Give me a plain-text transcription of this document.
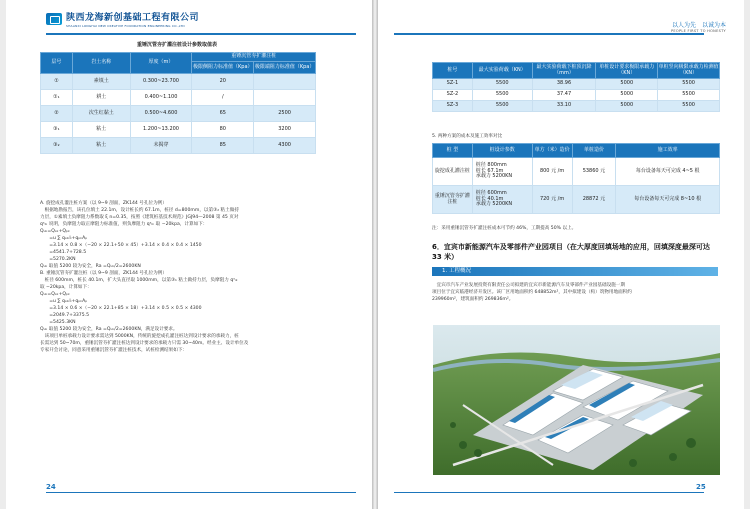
陕西龙海新创基础工程有限公司
SHAANXI LONGHAI NEW CREATIVE FOUNDATION ENGINEERING CO.,LTD
重锤沉管夯扩灌注桩设计参数取值表
层号	岩土名称	厚度（m）	重锤沉管夯扩灌注桩	
			极限侧阻力标准值（Kpa）	极限端阻力标准值（Kpa）
①	素填土	0.300~23.700	20	
①₁	耕土	0.400~1.100	/	
②	次生红黏土	0.500~4.600	65	2500
③₁	粘土	1.200~13.200	80	3200
③₂	粘土	未揭穿	85	4300

A. 旋挖成孔灌注桩方案（以 9~9 剖面，ZK144 号孔位为例）

　根据地勘报告，该孔位填土 22.1m，设计桩长约 67.1m，桩径 d=800mm，以第③₂ 粘土做持

力层，①素填土负摩阻力系数取 ξ n=0.35，按照《建筑桩基技术规范》JGJ94—2008 第 45 页对

qˢᵢₖ 说明，负摩阻力取正摩阻力标准值，则负摩阻力 qˢᵢₖ 取 −20kpa，计算如下：

Qᵤₖ=Qₛₖ+Qₚₖ

　　=u ∑ qₛᵢₖlᵢ+qₚₖAₚ

　　=3.14 × 0.8 ×（−20 × 22.1+50 × 45）+3.14 × 0.4 × 0.4 × 1450

　　=4541.7+728.5

　　=5270.2KN

Qᵤₖ 取值 5200 较为安全，Ra =Qᵤₖ/2=2600KN

B. 重锤沉管夯扩灌注桩（以 9~9 剖面，ZK144 号孔位为例）

　桩径 600mm，桩长 40.1m，扩大头直径取 1000mm，以第③₁ 粘土做持力层，负摩阻力 qˢᵢₖ

取 −20kpa，计算如下：

Qᵤₖ=Qₛₖ+Qₚₖ

　　=u ∑ qₛᵢₖlᵢ+qₚₖAₚ

　　=3.14 × 0.6 ×（−20 × 22.1+85 × 18）+3.14 × 0.5 × 0.5 × 4300

　　=2049.7+3375.5

　　=5425.3KN

Qᵤₖ 取值 5200 较为安全，Ra =Qᵤₖ/2=2600KN，满足设计要求。

　该项目单桩承载力设计要求需达到 5000KN，传统的旋挖成孔灌注桩达到设计要求的承载力，桩

长需达到 50~70m，重锤沉管夯扩灌注桩达到设计要求的承载力只需 30~40m。经业主、设计单位及

专家开会讨论，同意采用重锤沉管夯扩灌注桩技术，试桩检测结果如下：

24
以人为先　以诚为本
PEOPLE FIRST TO HONESTY
桩号	最大实验荷载（KN）	最大实验荷载下桩顶沉降（mm）	单桩设计要求极限承载力（KN）	单桩竖向极限承载力检测值（KN）
SZ-1	5500	38.96	5000	5500
SZ-2	5500	37.47	5000	5500
SZ-3	5500	33.10	5000	5500
5. 两种方案的成本及施工效率对比
桩 型	桩设计参数	单方（米）造价	单桩造价	施工效率
旋挖成孔灌注桩	桩径 800mm
桩长 67.1m
承载力 5200KN	800 元 /m	53860 元	每台设备每天可完成 4~5 根
重锤沉管夯扩灌注桩	桩径 600mm
桩长 40.1m
承载力 5200KN	720 元 /m	28872 元	每台设备每天可完成 8~10 根

注：采用重锤沉管夯扩灌注桩成本可节约 46%，工期提高 50% 以上。

6．宜宾市新能源汽车及零部件产业园项目（在大厚度回填场地的应用，回填深度最深可达 33 米）
1. 工程概况

　宜宾市汽车产业发展投资有限责任公司拟建的宜宾市新能源汽车及零部件产业园基础设施一期

项目位于宜宾临港经济开发区。该厂区用地面积约 648852m²，其中拟建设（构）筑物用地面积约

239960m²，建筑面积约 269836m²。

25
